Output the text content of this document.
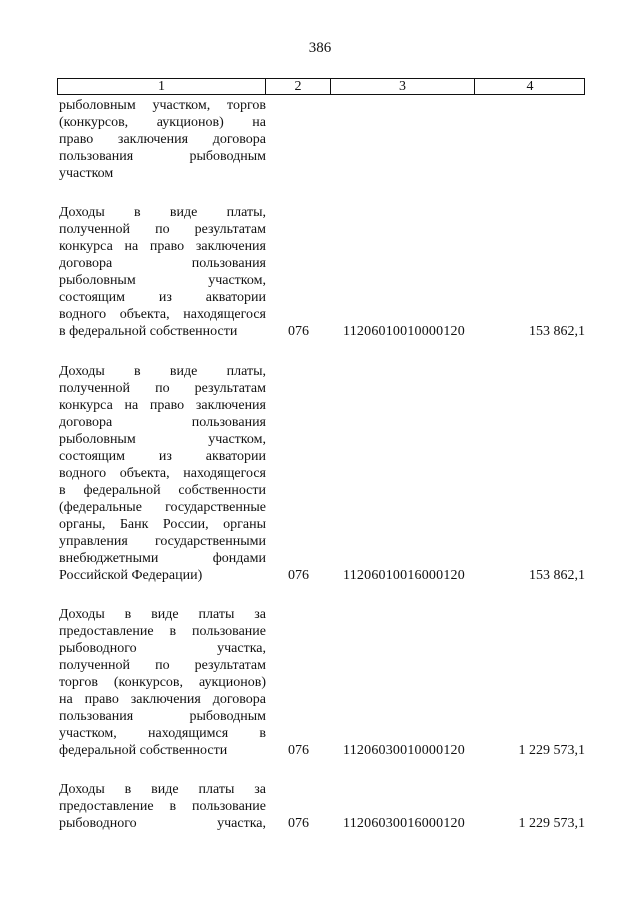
386
1	2	3	4
рыболовным участком, торгов
(конкурсов, аукционов) на
право заключения договора
пользования рыбоводным
участком
Доходы в виде платы,
полученной по результатам
конкурса на право заключения
договора пользования
рыболовным участком,
состоящим из акватории
водного объекта, находящегося
в федеральной собственности	076	11206010010000120	153 862,1
Доходы в виде платы,
полученной по результатам
конкурса на право заключения
договора пользования
рыболовным участком,
состоящим из акватории
водного объекта, находящегося
в федеральной собственности
(федеральные государственные
органы, Банк России, органы
управления государственными
внебюджетными фондами
Российской Федерации)	076	11206010016000120	153 862,1
Доходы в виде платы за
предоставление в пользование
рыбоводного участка,
полученной по результатам
торгов (конкурсов, аукционов)
на право заключения договора
пользования рыбоводным
участком, находящимся в
федеральной собственности	076	11206030010000120	1 229 573,1
Доходы в виде платы за
предоставление в пользование
рыбоводного участка,	076	11206030016000120	1 229 573,1
